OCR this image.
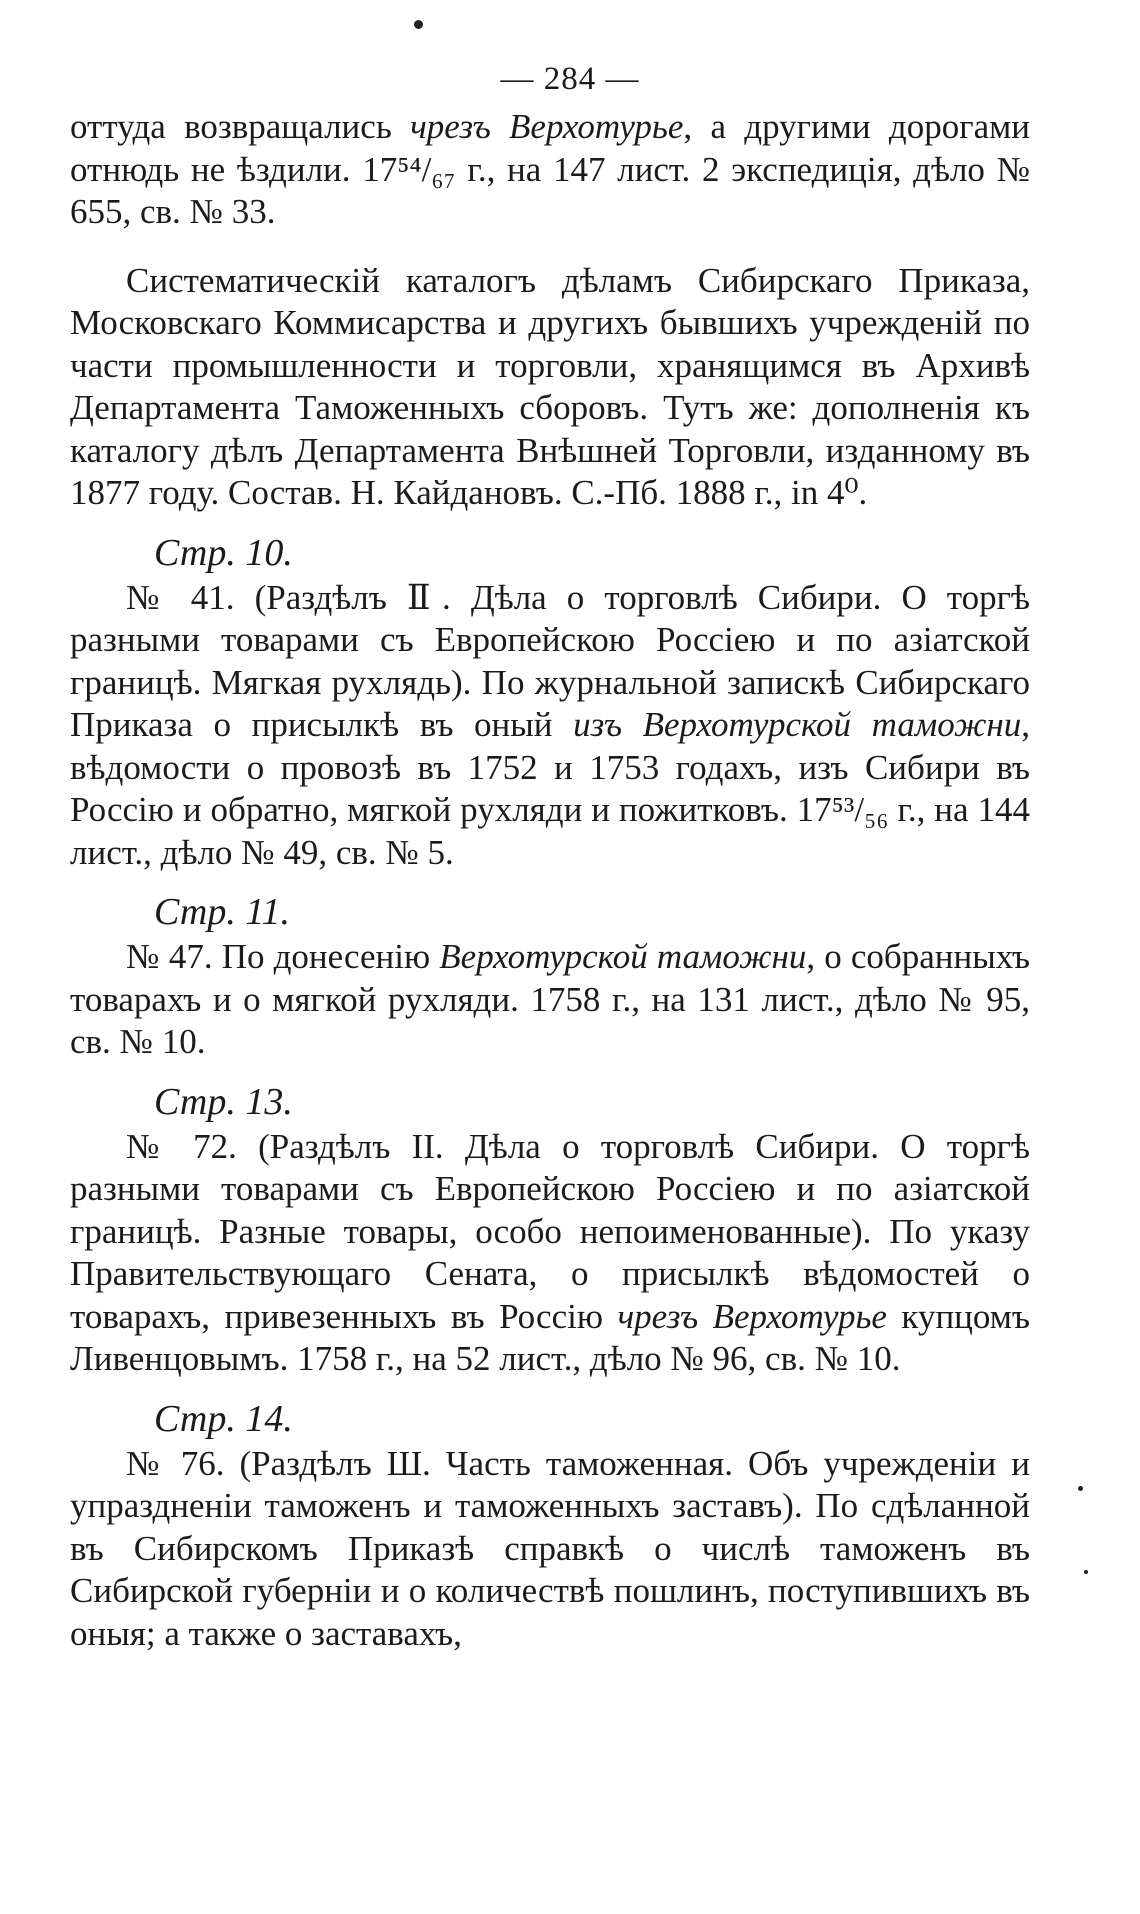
— 284 —

оттуда возвращались чрезъ Верхотурье, а другими дорогами отнюдь не ѣздили. 17⁵⁴/₆₇ г., на 147 лист. 2 экспедиція, дѣло № 655, св. № 33.

Систематическій каталогъ дѣламъ Сибирскаго Приказа, Московскаго Коммисарства и другихъ бывшихъ учрежденій по части промышленности и торговли, хранящимся въ Архивѣ Департамента Таможенныхъ сборовъ. Тутъ же: дополненія къ каталогу дѣлъ Департамента Внѣшней Торговли, изданному въ 1877 году. Состав. Н. Кайдановъ. С.-Пб. 1888 г., in 4⁰.

Стр. 10.

№ 41. (Раздѣлъ Ⅱ. Дѣла о торговлѣ Сибири. О торгѣ разными товарами съ Европейскою Россіею и по азіатской границѣ. Мягкая рухлядь). По журнальной запискѣ Сибирскаго Приказа о присылкѣ въ оный изъ Верхотурской таможни, вѣдомости о провозѣ въ 1752 и 1753 годахъ, изъ Сибири въ Россію и обратно, мягкой рухляди и пожитковъ. 17⁵³/₅₆ г., на 144 лист., дѣло № 49, св. № 5.

Стр. 11.

№ 47. По донесенію Верхотурской таможни, о собранныхъ товарахъ и о мягкой рухляди. 1758 г., на 131 лист., дѣло № 95, св. № 10.

Стр. 13.

№ 72. (Раздѣлъ II. Дѣла о торговлѣ Сибири. О торгѣ разными товарами съ Европейскою Россіею и по азіатской границѣ. Разные товары, особо непоименованные). По указу Правительствующаго Сената, о присылкѣ вѣдомостей о товарахъ, привезенныхъ въ Россію чрезъ Верхотурье купцомъ Ливенцовымъ. 1758 г., на 52 лист., дѣло № 96, св. № 10.

Стр. 14.

№ 76. (Раздѣлъ Ш. Часть таможенная. Объ учрежденіи и упраздненіи таможенъ и таможенныхъ заставъ). По сдѣланной въ Сибирскомъ Приказѣ справкѣ о числѣ таможенъ въ Сибирской губерніи и о количествѣ пошлинъ, поступившихъ въ оныя; а также о заставахъ,
